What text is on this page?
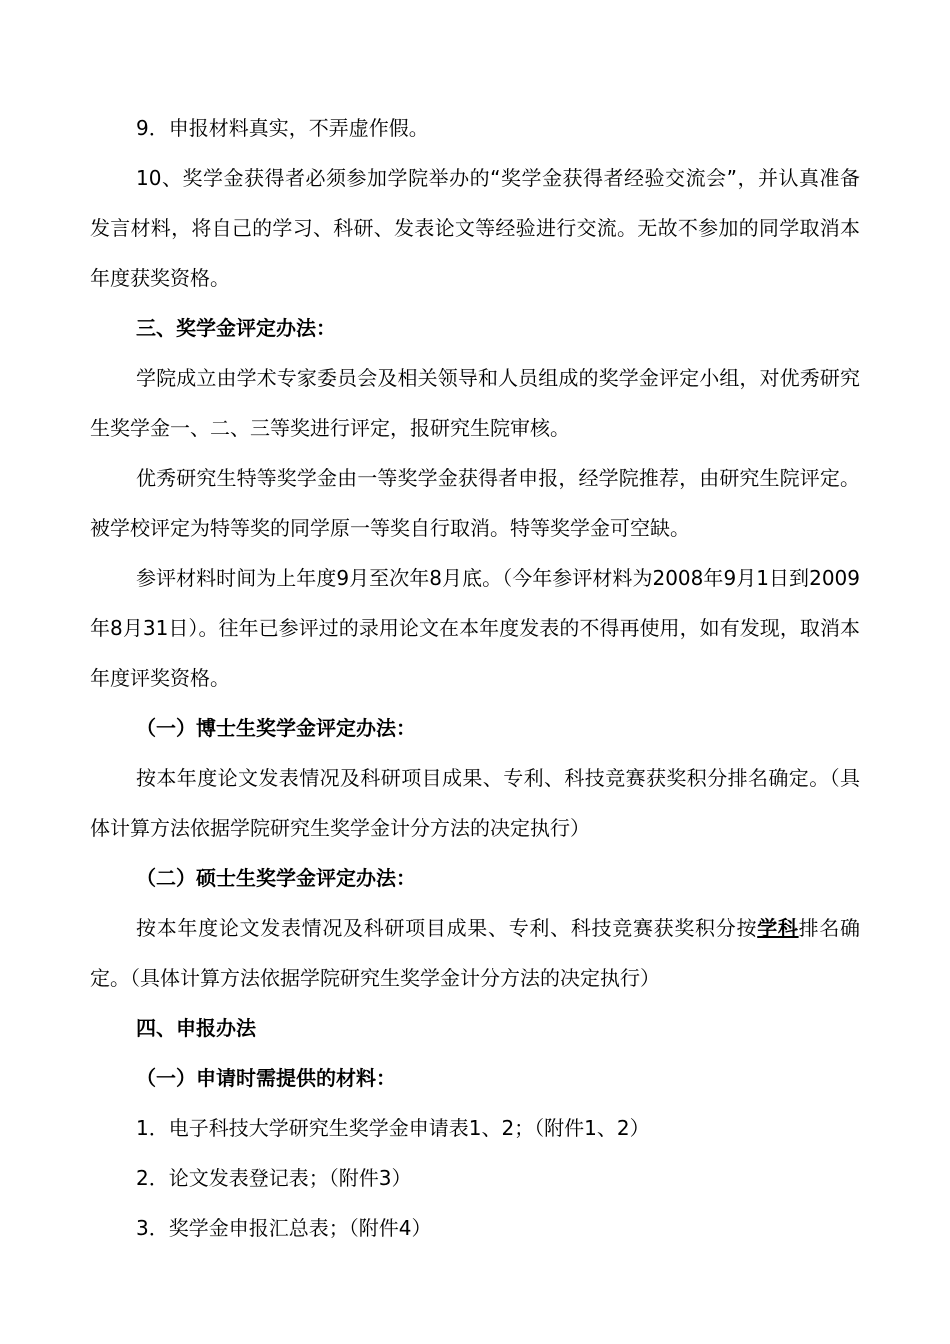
9．申报材料真实，不弄虚作假。

10、奖学金获得者必须参加学院举办的“奖学金获得者经验交流会”，并认真准备发言材料，将自己的学习、科研、发表论文等经验进行交流。无故不参加的同学取消本年度获奖资格。

三、奖学金评定办法：

学院成立由学术专家委员会及相关领导和人员组成的奖学金评定小组，对优秀研究生奖学金一、二、三等奖进行评定，报研究生院审核。

优秀研究生特等奖学金由一等奖学金获得者申报，经学院推荐，由研究生院评定。被学校评定为特等奖的同学原一等奖自行取消。特等奖学金可空缺。

参评材料时间为上年度9月至次年8月底。（今年参评材料为2008年9月1日到2009年8月31日）。往年已参评过的录用论文在本年度发表的不得再使用，如有发现，取消本年度评奖资格。

（一）博士生奖学金评定办法：

按本年度论文发表情况及科研项目成果、专利、科技竞赛获奖积分排名确定。（具体计算方法依据学院研究生奖学金计分方法的决定执行）

（二）硕士生奖学金评定办法：

按本年度论文发表情况及科研项目成果、专利、科技竞赛获奖积分按学科排名确定。（具体计算方法依据学院研究生奖学金计分方法的决定执行）

四、申报办法

（一）申请时需提供的材料：

1．电子科技大学研究生奖学金申请表1、2；（附件1、2）

2．论文发表登记表；（附件3）

3．奖学金申报汇总表；（附件4）
